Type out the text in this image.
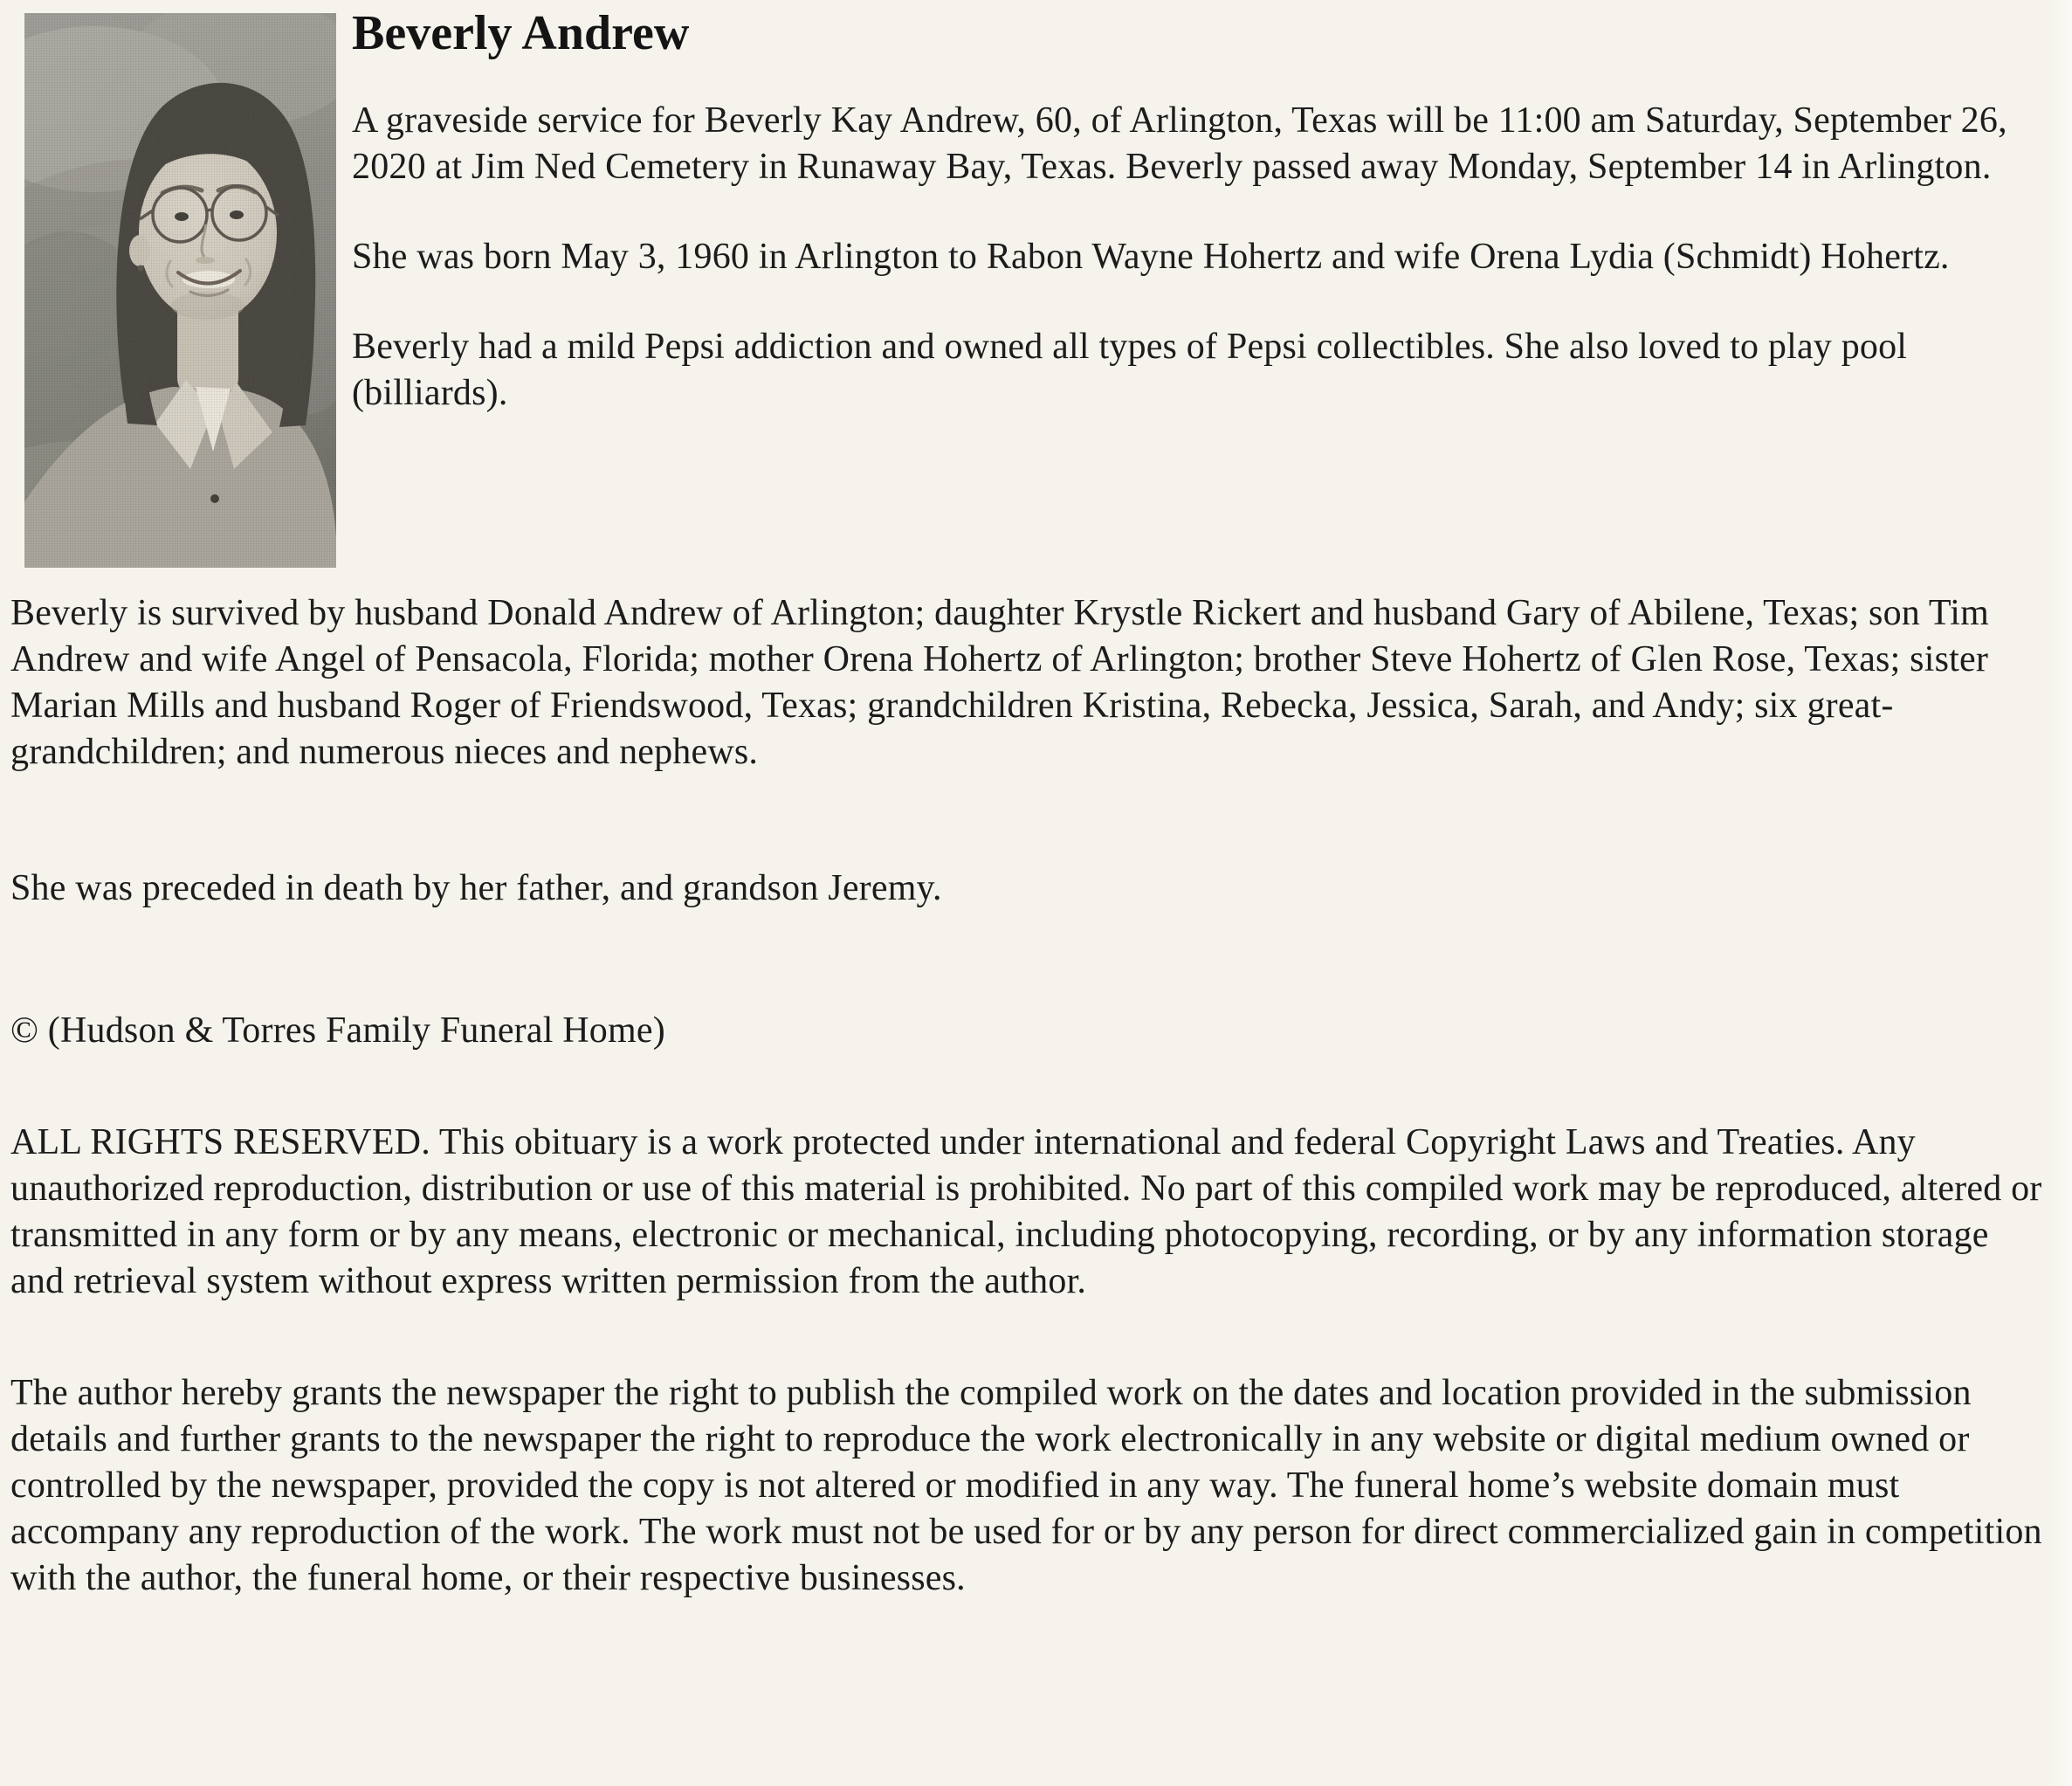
Beverly Andrew

A graveside service for Beverly Kay Andrew, 60, of Arlington, Texas will be 11:00 am Saturday, September 26, 2020 at Jim Ned Cemetery in Runaway Bay, Texas. Beverly passed away Monday, September 14 in Arlington.

She was born May 3, 1960 in Arlington to Rabon Wayne Hohertz and wife Orena Lydia (Schmidt) Hohertz.

Beverly had a mild Pepsi addiction and owned all types of Pepsi collectibles. She also loved to play pool (billiards).

Beverly is survived by husband Donald Andrew of Arlington; daughter Krystle Rickert and husband Gary of Abilene, Texas; son Tim Andrew and wife Angel of Pensacola, Florida; mother Orena Hohertz of Arlington; brother Steve Hohertz of Glen Rose, Texas; sister Marian Mills and husband Roger of Friendswood, Texas; grandchildren Kristina, Rebecka, Jessica, Sarah, and Andy; six great-grandchildren; and numerous nieces and nephews.

She was preceded in death by her father, and grandson Jeremy.

© (Hudson & Torres Family Funeral Home)

ALL RIGHTS RESERVED. This obituary is a work protected under international and federal Copyright Laws and Treaties. Any unauthorized reproduction, distribution or use of this material is prohibited. No part of this compiled work may be reproduced, altered or transmitted in any form or by any means, electronic or mechanical, including photocopying, recording, or by any information storage and retrieval system without express written permission from the author.

The author hereby grants the newspaper the right to publish the compiled work on the dates and location provided in the submission details and further grants to the newspaper the right to reproduce the work electronically in any website or digital medium owned or controlled by the newspaper, provided the copy is not altered or modified in any way. The funeral home’s website domain must accompany any reproduction of the work. The work must not be used for or by any person for direct commercialized gain in competition with the author, the funeral home, or their respective businesses.
